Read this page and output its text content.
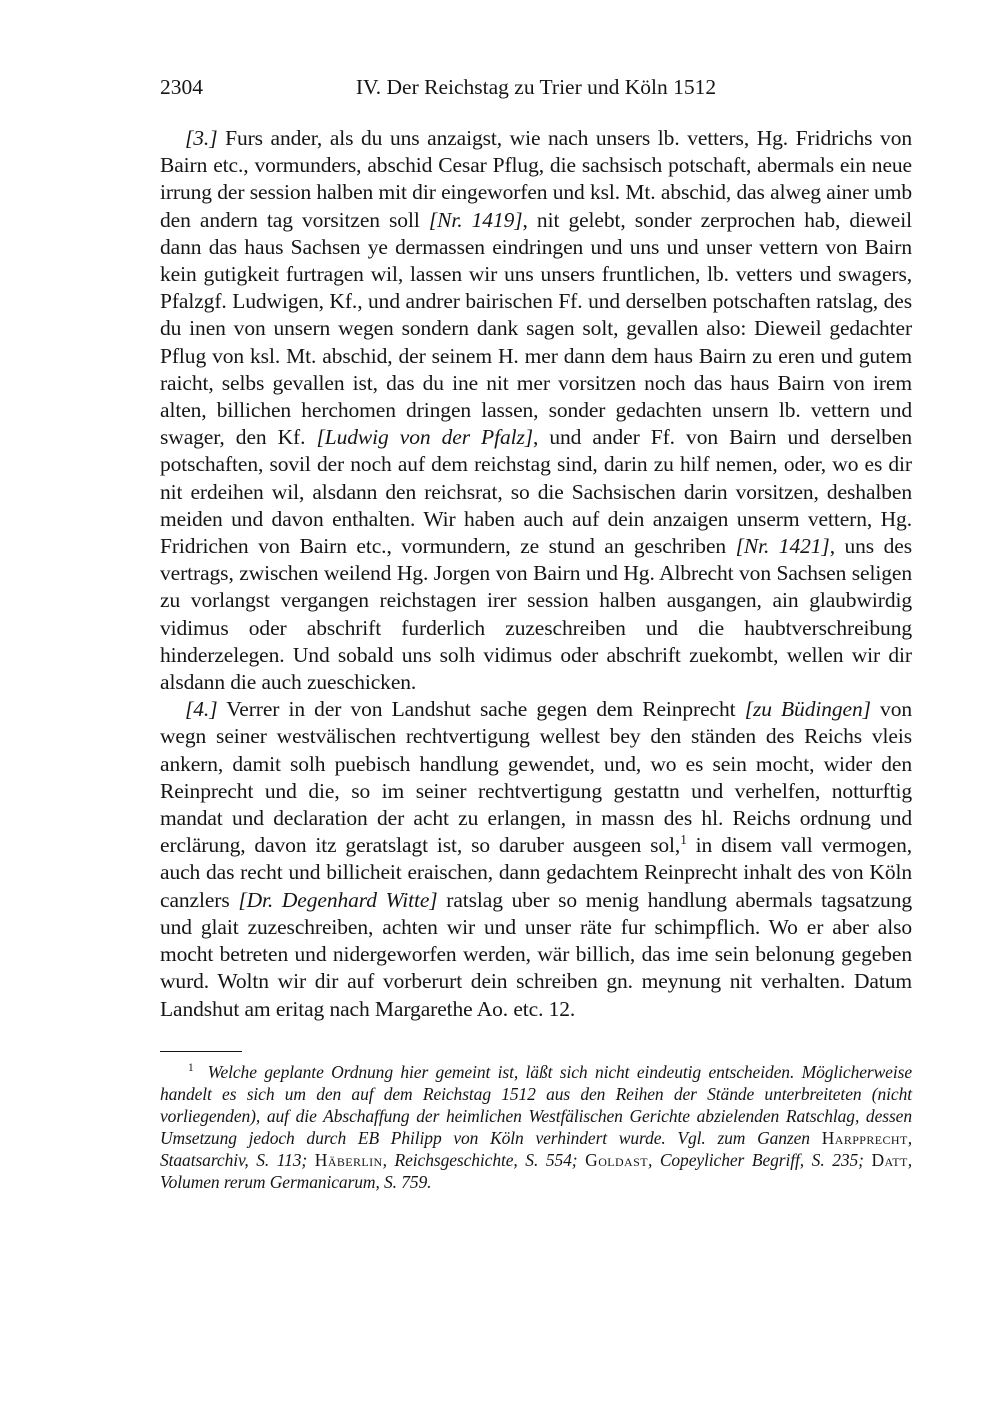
2304	IV. Der Reichstag zu Trier und Köln 1512

[3.] Furs ander, als du uns anzaigst, wie nach unsers lb. vetters, Hg. Fridrichs von Bairn etc., vormunders, abschid Cesar Pflug, die sachsisch potschaft, abermals ein neue irrung der session halben mit dir eingeworfen und ksl. Mt. abschid, das alweg ainer umb den andern tag vorsitzen soll [Nr. 1419], nit gelebt, sonder zerprochen hab, dieweil dann das haus Sachsen ye dermassen eindringen und uns und unser vettern von Bairn kein gutigkeit furtragen wil, lassen wir uns unsers fruntlichen, lb. vetters und swagers, Pfalzgf. Ludwigen, Kf., und andrer bairischen Ff. und derselben potschaften ratslag, des du inen von unsern wegen sondern dank sagen solt, gevallen also: Dieweil gedachter Pflug von ksl. Mt. abschid, der seinem H. mer dann dem haus Bairn zu eren und gutem raicht, selbs gevallen ist, das du ine nit mer vorsitzen noch das haus Bairn von irem alten, billichen herchomen dringen lassen, sonder gedachten unsern lb. vettern und swager, den Kf. [Ludwig von der Pfalz], und ander Ff. von Bairn und derselben potschaften, sovil der noch auf dem reichstag sind, darin zu hilf nemen, oder, wo es dir nit erdeihen wil, alsdann den reichsrat, so die Sachsischen darin vorsitzen, deshalben meiden und davon enthalten. Wir haben auch auf dein anzaigen unserm vettern, Hg. Fridrichen von Bairn etc., vormundern, ze stund an geschriben [Nr. 1421], uns des vertrags, zwischen weilend Hg. Jorgen von Bairn und Hg. Albrecht von Sachsen seligen zu vorlangst vergangen reichstagen irer session halben ausgangen, ain glaubwirdig vidimus oder abschrift furderlich zuzeschreiben und die haubtverschreibung hinderzelegen. Und sobald uns solh vidimus oder abschrift zuekombt, wellen wir dir alsdann die auch zueschicken.

[4.] Verrer in der von Landshut sache gegen dem Reinprecht [zu Büdingen] von wegn seiner westvälischen rechtvertigung wellest bey den ständen des Reichs vleis ankern, damit solh puebisch handlung gewendet, und, wo es sein mocht, wider den Reinprecht und die, so im seiner rechtvertigung gestattn und verhelfen, notturftig mandat und declaration der acht zu erlangen, in massn des hl. Reichs ordnung und erclärung, davon itz geratslagt ist, so daruber ausgeen sol,$^1$ in disem vall vermogen, auch das recht und billicheit eraischen, dann gedachtem Reinprecht inhalt des von Köln canzlers [Dr. Degenhard Witte] ratslag uber so menig handlung abermals tagsatzung und glait zuzeschreiben, achten wir und unser räte fur schimpflich. Wo er aber also mocht betreten und nidergeworfen werden, wär billich, das ime sein belonung gegeben wurd. Woltn wir dir auf vorberurt dein schreiben gn. meynung nit verhalten. Datum Landshut am eritag nach Margarethe Ao. etc. 12.

$^1$ Welche geplante Ordnung hier gemeint ist, läßt sich nicht eindeutig entscheiden. Möglicherweise handelt es sich um den auf dem Reichstag 1512 aus den Reihen der Stände unterbreiteten (nicht vorliegenden), auf die Abschaffung der heimlichen Westfälischen Gerichte abzielenden Ratschlag, dessen Umsetzung jedoch durch EB Philipp von Köln verhindert wurde. Vgl. zum Ganzen Harpprecht, Staatsarchiv, S. 113; Häberlin, Reichsgeschichte, S. 554; Goldast, Copeylicher Begriff, S. 235; Datt, Volumen rerum Germanicarum, S. 759.
